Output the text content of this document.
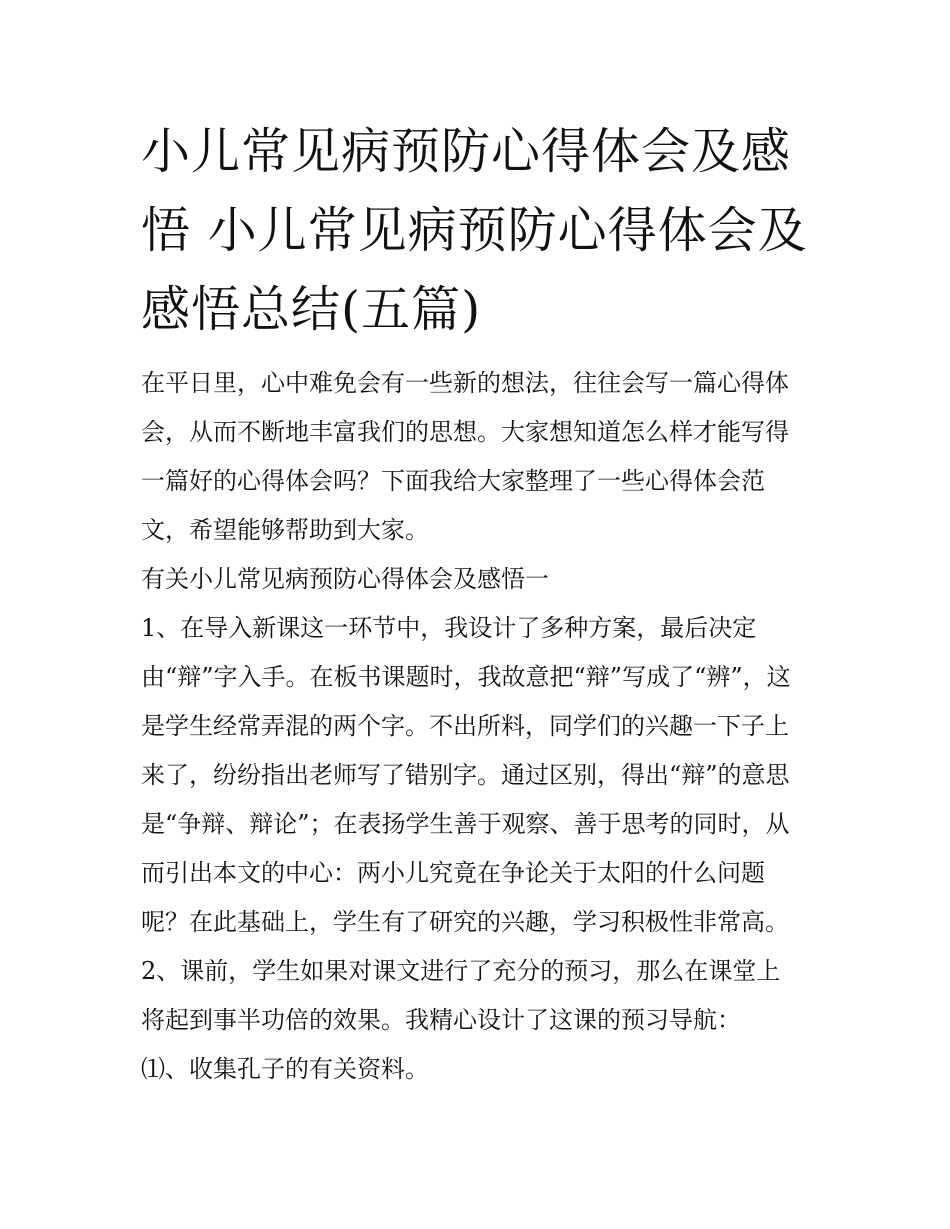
小儿常见病预防心得体会及感
悟 小儿常见病预防心得体会及
感悟总结(五篇)

在平日里，心中难免会有一些新的想法，往往会写一篇心得体
会，从而不断地丰富我们的思想。大家想知道怎么样才能写得
一篇好的心得体会吗？下面我给大家整理了一些心得体会范
文，希望能够帮助到大家。

有关小儿常见病预防心得体会及感悟一

1、在导入新课这一环节中，我设计了多种方案，最后决定
由“辩”字入手。在板书课题时，我故意把“辩”写成了“辨”，这
是学生经常弄混的两个字。不出所料，同学们的兴趣一下子上
来了，纷纷指出老师写了错别字。通过区别，得出“辩”的意思
是“争辩、辩论”；在表扬学生善于观察、善于思考的同时，从
而引出本文的中心：两小儿究竟在争论关于太阳的什么问题
呢？在此基础上，学生有了研究的兴趣，学习积极性非常高。

2、课前，学生如果对课文进行了充分的预习，那么在课堂上
将起到事半功倍的效果。我精心设计了这课的预习导航：

⑴、收集孔子的有关资料。
